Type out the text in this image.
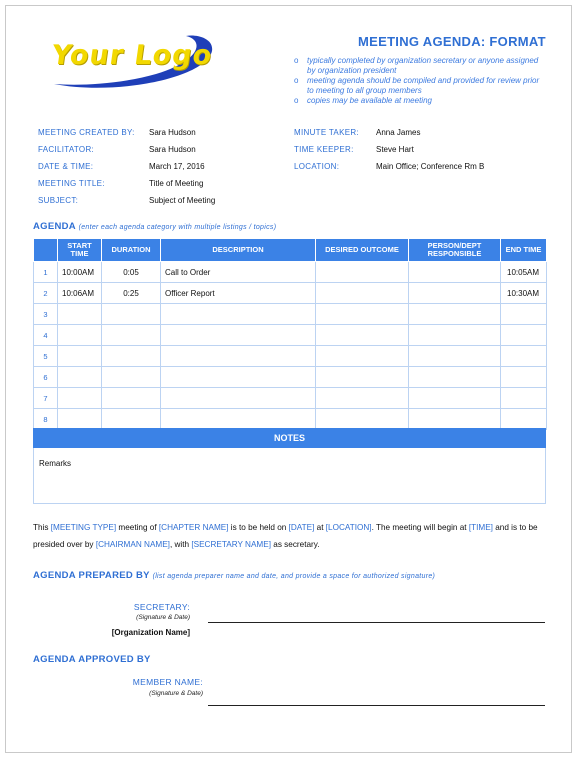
Your Logo	MEETING AGENDA: FORMAT
o typically completed by organization secretary or anyone assigned by organization president
o meeting agenda should be compiled and provided for review prior to meeting to all group members
o copies may be available at meeting
MEETING CREATED BY: Sara Hudson
FACILITATOR:	Sara Hudson
DATE & TIME:	March 17, 2016
MEETING TITLE:	Title of Meeting
SUBJECT:	Subject of Meeting
MINUTE TAKER: Anna James
TIME KEEPER:	Steve Hart
LOCATION:	Main Office; Conference Rm B
AGENDA (enter each agenda category with multiple listings / topics)
	START TIME	DURATION	DESCRIPTION	DESIRED OUTCOME	PERSON/DEPT RESPONSIBLE	END TIME
1	10:00AM	0:05	Call to Order			10:05AM
2	10:06AM	0:25	Officer Report			10:30AM
3						
4						
5						
6						
7						
8						
NOTES
Remarks
This [MEETING TYPE] meeting of [CHAPTER NAME] is to be held on [DATE] at [LOCATION]. The meeting will begin at [TIME] and is to be presided over by [CHAIRMAN NAME], with [SECRETARY NAME] as secretary.
AGENDA PREPARED BY (list agenda preparer name and date, and provide a space for authorized signature)
SECRETARY:
(Signature & Date)
[Organization Name]
AGENDA APPROVED BY
MEMBER NAME:
(Signature & Date)
